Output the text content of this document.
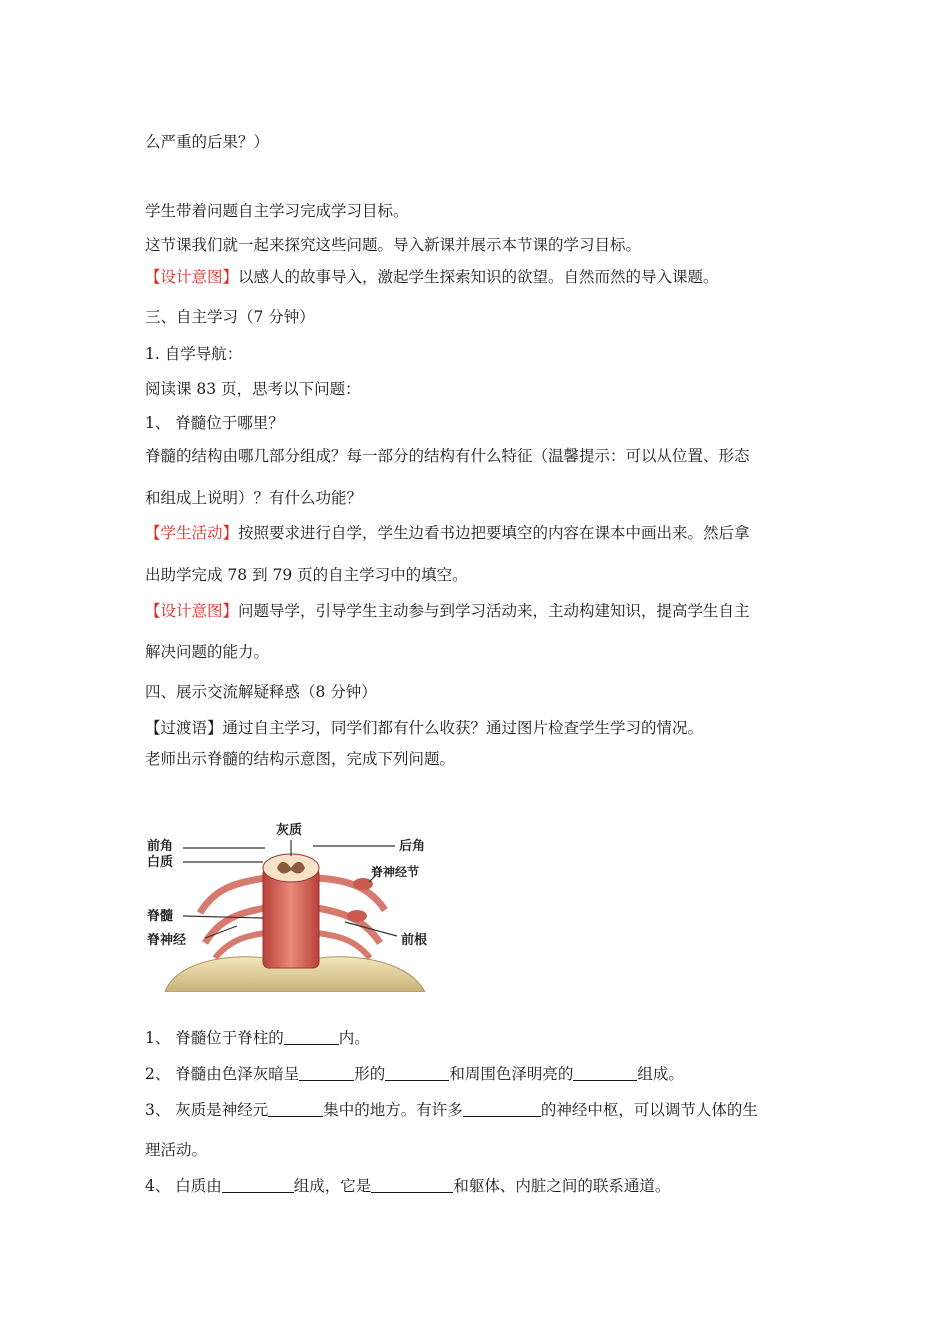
么严重的后果？）
学生带着问题自主学习完成学习目标。
这节课我们就一起来探究这些问题。导入新课并展示本节课的学习目标。
【设计意图】以感人的故事导入，激起学生探索知识的欲望。自然而然的导入课题。
三、自主学习（7 分钟）
1. 自学导航：
阅读课 83 页，思考以下问题：
1、 脊髓位于哪里？
脊髓的结构由哪几部分组成？每一部分的结构有什么特征（温馨提示：可以从位置、形态
和组成上说明）？有什么功能？
【学生活动】按照要求进行自学，学生边看书边把要填空的内容在课本中画出来。然后拿
出助学完成 78 到 79 页的自主学习中的填空。
【设计意图】问题导学，引导学生主动参与到学习活动来，主动构建知识，提高学生自主
解决问题的能力。
四、展示交流解疑释惑（8 分钟）
【过渡语】通过自主学习，同学们都有什么收获？通过图片检查学生学习的情况。
老师出示脊髓的结构示意图，完成下列问题。
前角
白质
灰质
后角
脊神经节
脊髓
脊神经	前根
1、 脊髓位于脊柱的	内。
2、 脊髓由色泽灰暗呈	形的	和周围色泽明亮的	组成。
3、 灰质是神经元	集中的地方。有许多	的神经中枢，可以调节人体的生
理活动。
4、 白质由	组成，它是	和躯体、内脏之间的联系通道。
